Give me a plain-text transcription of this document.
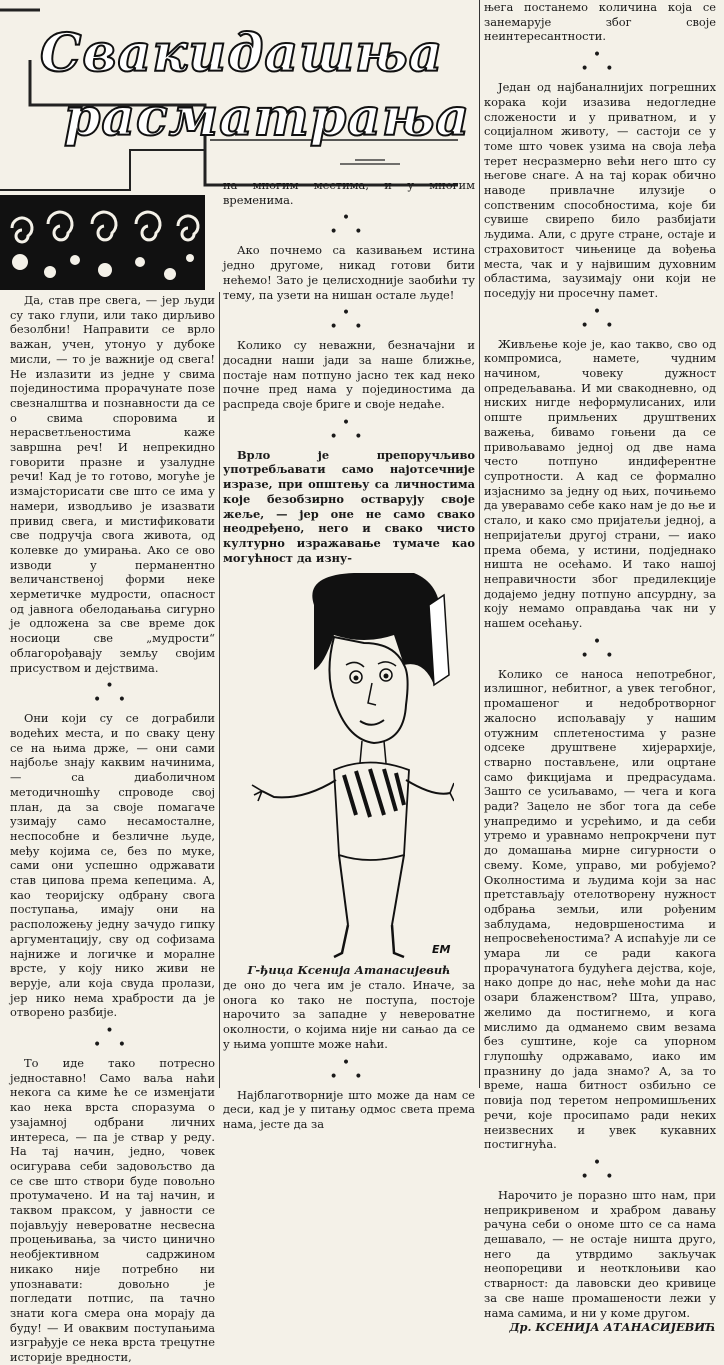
Свакидашња
расматрања

Да, став пре свега, — јер људи су тако глупи, или тако дирљиво безолбни! Направити се врло важан, учен, утонуо у дубоке мисли, — то је важније од свега! Не излазити из једне у свима појединостима прорачунате позе свезналштва и познавности да се о свима споровима и нерасветљеностима каже завршна реч! И непрекидно говорити празне и узалудне речи! Кад је то готово, могуће је измајсторисати све што се има у намери, изводљиво је изазвати привид свега, и мистификовати све подручја свога живота, од колевке до умирања. Ако се ово изводи у перманентно величанственој форми неке херметичке мудрости, опасност од јавнога обелодањања сигурно је одложена за све време док носиоци све „мудрости“ облагорођавају земљу својим присуством и дејствима.

•
• •

Они који су се дограбили водећих места, и по сваку цену се на њима држе, — они сами најбоље знају каквим начинима, — са диаболичном методичношћу спроводе свој план, да за своје помагаче узимају само несамосталне, неспособне и безличне људе, међу којима се, без по муке, сами они успешно одржавати став ципова према кепецима. А, као теоријску одбрану свога поступања, имају они на расположењу једну зачудо гипку аргументацију, сву од софизама најниже и логичке и моралне врсте, у коју нико живи не верује, али која свуда пролази, јер нико нема храбрости да је отворено разбије.

•
• •

То иде тако потресно једноставно! Само ваља наћи некога са киме ће се изменјати као нека врста споразума о узајамној одбрани личних интереса, — па је ствар у реду. На тај начин, једно, човек осигурава себи задовољство да се све што створи буде повољно протумачено. И на тај начин, и таквом праксом, у јавности се појављују невероватне несвесна процењивања, за чисто цинично необјективном садржином никако није потребно ни упознавати: довољно је погледати потпис, па тачно знати кога смера она морају да буду! — И оваквим поступањима изграђује се нека врста трецутне историје вредности,

на многим местима, и у многим временима.

•
• •

Ако почнемо са казивањем истина једно другоме, никад готови бити нећемо! Зато је целисходније заобићи ту тему, па узети на нишан остале људе!

•
• •

Колико су неважни, безначајни и досадни наши јади за наше ближње, постаје нам потпуно јасно тек кад неко почне пред нама у појединостима да распреда своје бриге и своје недаће.

•
• •

Врло је препоручљиво употребљавати само најотсечније изразе, при општењу са личностима које безобзирно остварују своје жеље, — јер оне не само свако неодређено, него и свако чисто културно изражавање тумаче као могућност да изну-

ЕМ

Г-ђица Ксенија Атанасијевић

де оно до чега им је стало. Иначе, за онога ко тако не поступа, постоје нарочито за западне у невероватне околности, о којима није ни сањао да се у њима уопште може наћи.

•
• •

Најблаготворније што може да нам се деси, кад је у питању одмос света према нама, јесте да за

њега постанемо количина која се занемарује због своје неинтересантности.

•
• •

Један од најбаналнијих погрешних корака који изазива недогледне сложености и у приватном, и у социјалном животу, — састоји се у томе што човек узима на своја леђа терет несразмерно већи него што су његове снаге. А на тај корак обично наводе привлачне илузије о сопственим способностима, које би сувише свирепо било разбијати људима. Али, с друге стране, остаје и страховитост чињенице да вођења места, чак и у највишим духовним областима, заузимају они који не поседују ни просечну памет.

•
• •

Живљење које је, као такво, сво од компромиса, наметe, чудним начином, човеку дужност опредељавања. И ми свакодневно, од ниских нигде неформулисаних, или опште примљених друштвених важења, бивамо гоњени да се привољавамо једној од две нама често потпуно индиферентне супротности. А кад се формално изјаснимо за једну од њих, почињемо да уверавамо себе како нам је до ње и стало, и како смо пријатељи једној, а непријатељи другој страни, — иако према обема, у истини, подједнако ништа не осећамо. И тако нашој неправичности због предилекције додајемо једну потпуно апсурдну, за коју немамо оправдања чак ни у нашем осећању.

•
• •

Колико се наноса непотребног, излишног, небитног, а увек тегобног, промашеног и недобротворног жалосно испољавају у нашим отужним сплетеностима у разне одсеке друштвене хијерархије, стварно постављене, или оцртане само фикцијама и предрасудама. Зашто се усиљавамо, — чега и кога ради? Зацело не због тога да себе унапредимо и усрећимо, и да себи утремо и уравнамо непрокрчени пут до домашања мирне сигурности о свему. Коме, управо, ми робујемо? Околностима и људима који за нас претстављају отелотворену нужност одбрања земљи, или рођеним заблудама, недовршеностима и непросвећеностима? А испаћује ли се умара ли се ради какога прорачунатога будућега дејства, које, нако допре до нас, неће моћи да нас озари блаженством? Шта, управо, желимо да постигнемо, и кога мислимо да одманемо свим везама без суштине, које са упорном глупошћу одржавамо, иако им празнину до јада знамо? А, за то време, наша битност озбиљно се повија под теретом непромишљених речи, које просипамо ради неких неизвесних и увек кукавних постигнућа.

•
• •

Нарочито је поразно што нам, при неприкривеном и храбром давању рачуна себи о ономе што се са нама дешавало, — не остаје ништа друго, него да утврдимо закључак неопорециви и неотклоњиви као стварност: да лавовски део кривице за све наше промашености лежи у нама самима, и ни у коме другом.

Др. КСЕНИЈА АТАНАСИЈЕВИЋ
